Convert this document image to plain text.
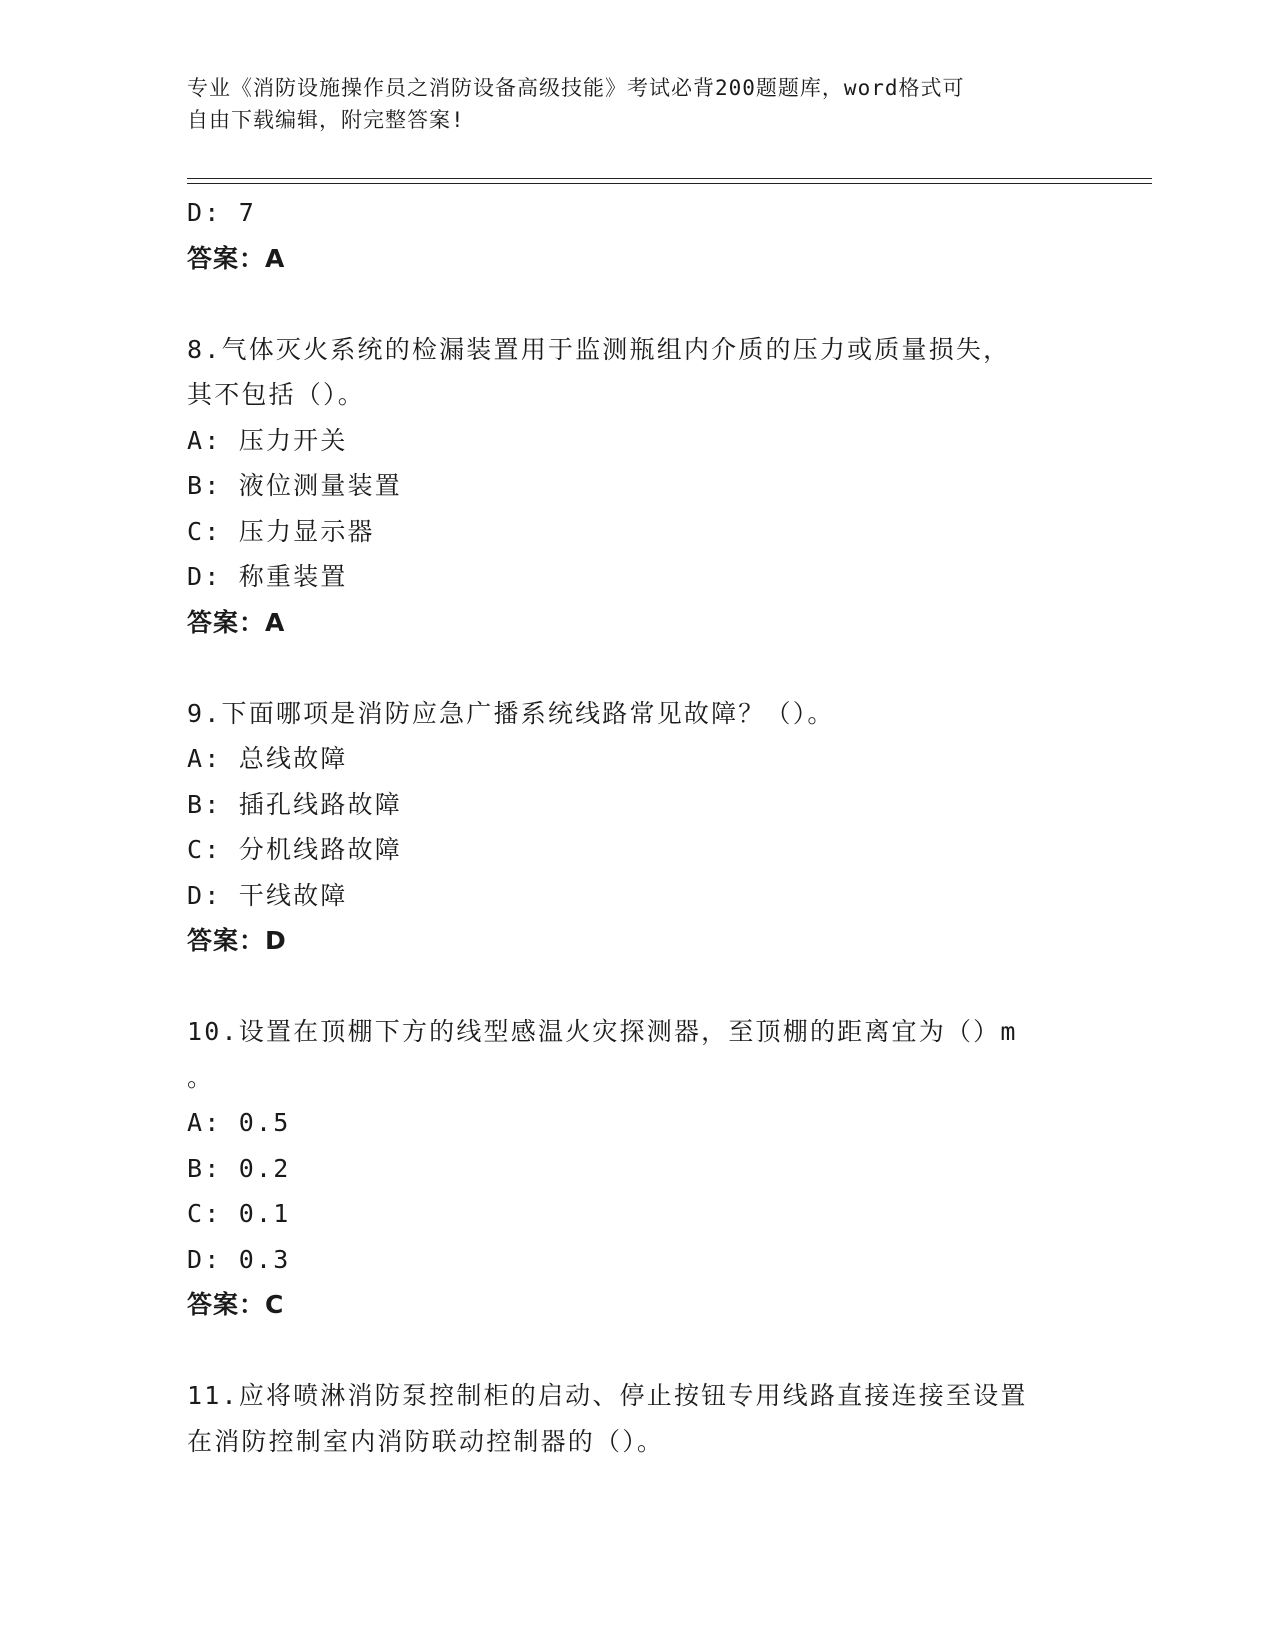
专业《消防设施操作员之消防设备高级技能》考试必背200题题库，word格式可
自由下载编辑，附完整答案!
D: 7
答案：A
8.气体灭火系统的检漏装置用于监测瓶组内介质的压力或质量损失，
其不包括（）。
A: 压力开关
B: 液位测量装置
C: 压力显示器
D: 称重装置
答案：A
9.下面哪项是消防应急广播系统线路常见故障？（）。
A: 总线故障
B: 插孔线路故障
C: 分机线路故障
D: 干线故障
答案：D
10.设置在顶棚下方的线型感温火灾探测器，至顶棚的距离宜为（）m
。
A: 0.5
B: 0.2
C: 0.1
D: 0.3
答案：C
11.应将喷淋消防泵控制柜的启动、停止按钮专用线路直接连接至设置
在消防控制室内消防联动控制器的（）。
